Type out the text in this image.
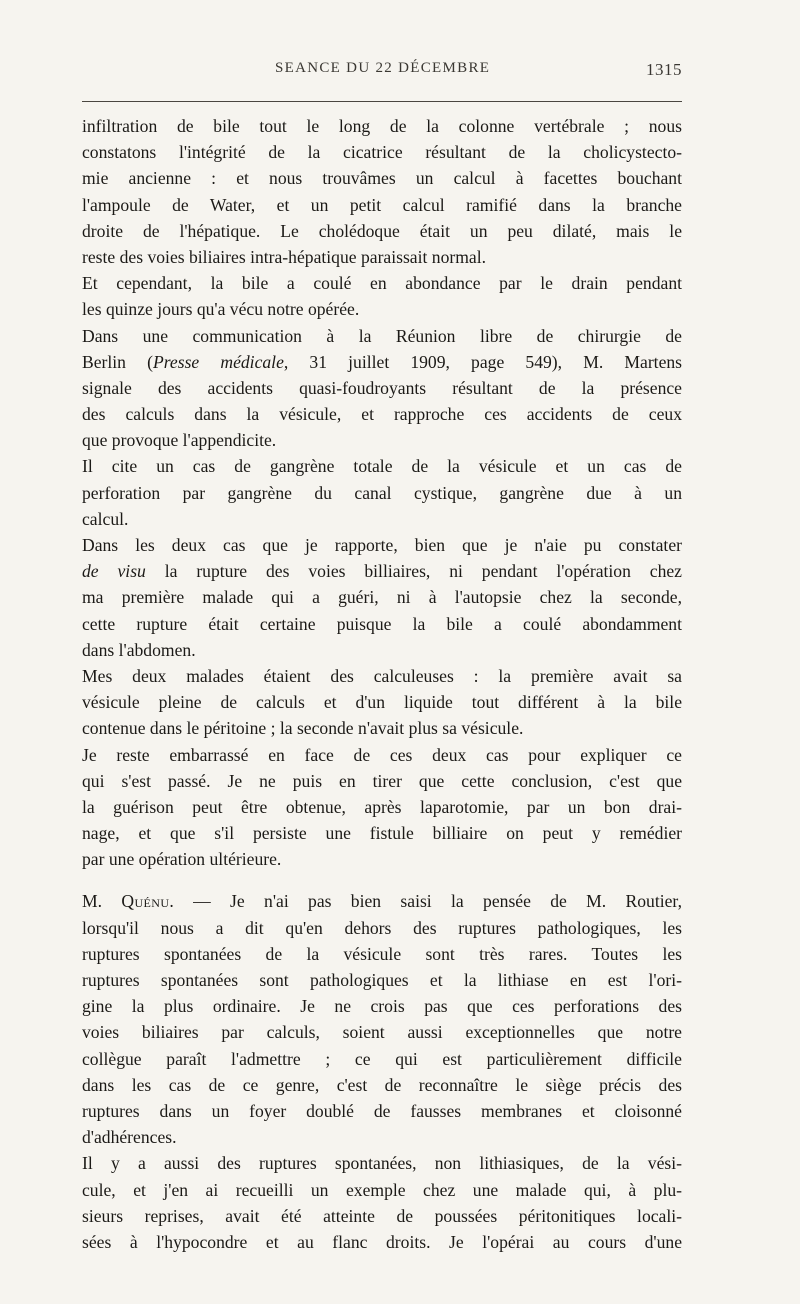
SEANCE DU 22 DÉCEMBRE	1315
infiltration de bile tout le long de la colonne vertébrale ; nous
constatons l'intégrité de la cicatrice résultant de la cholicystecto-
mie ancienne : et nous trouvâmes un calcul à facettes bouchant
l'ampoule de Water, et un petit calcul ramifié dans la branche
droite de l'hépatique. Le cholédoque était un peu dilaté, mais le
reste des voies biliaires intra-hépatique paraissait normal.
Et cependant, la bile a coulé en abondance par le drain pendant
les quinze jours qu'a vécu notre opérée.
Dans une communication à la Réunion libre de chirurgie de
Berlin (Presse médicale, 31 juillet 1909, page 549), M. Martens
signale des accidents quasi-foudroyants résultant de la présence
des calculs dans la vésicule, et rapproche ces accidents de ceux
que provoque l'appendicite.
Il cite un cas de gangrène totale de la vésicule et un cas de
perforation par gangrène du canal cystique, gangrène due à un
calcul.
Dans les deux cas que je rapporte, bien que je n'aie pu constater
de visu la rupture des voies billiaires, ni pendant l'opération chez
ma première malade qui a guéri, ni à l'autopsie chez la seconde,
cette rupture était certaine puisque la bile a coulé abondamment
dans l'abdomen.
Mes deux malades étaient des calculeuses : la première avait sa
vésicule pleine de calculs et d'un liquide tout différent à la bile
contenue dans le péritoine ; la seconde n'avait plus sa vésicule.
Je reste embarrassé en face de ces deux cas pour expliquer ce
qui s'est passé. Je ne puis en tirer que cette conclusion, c'est que
la guérison peut être obtenue, après laparotomie, par un bon drai-
nage, et que s'il persiste une fistule billiaire on peut y remédier
par une opération ultérieure.
M. Quénu. — Je n'ai pas bien saisi la pensée de M. Routier,
lorsqu'il nous a dit qu'en dehors des ruptures pathologiques, les
ruptures spontanées de la vésicule sont très rares. Toutes les
ruptures spontanées sont pathologiques et la lithiase en est l'ori-
gine la plus ordinaire. Je ne crois pas que ces perforations des
voies biliaires par calculs, soient aussi exceptionnelles que notre
collègue paraît l'admettre ; ce qui est particulièrement difficile
dans les cas de ce genre, c'est de reconnaître le siège précis des
ruptures dans un foyer doublé de fausses membranes et cloisonné
d'adhérences.
Il y a aussi des ruptures spontanées, non lithiasiques, de la vési-
cule, et j'en ai recueilli un exemple chez une malade qui, à plu-
sieurs reprises, avait été atteinte de poussées péritonitiques locali-
sées à l'hypocondre et au flanc droits. Je l'opérai au cours d'une
